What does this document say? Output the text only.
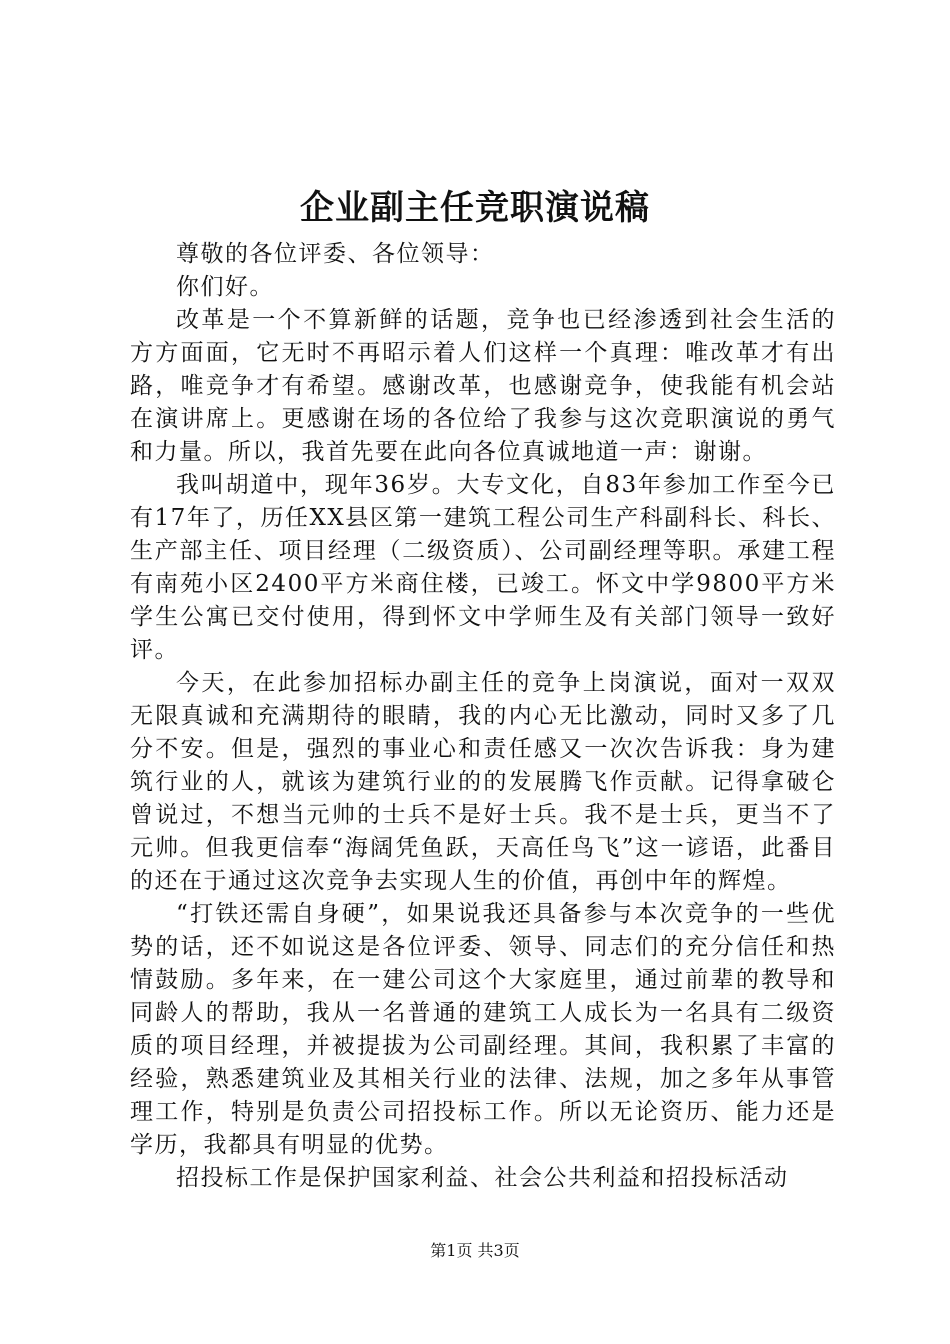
企业副主任竞职演说稿

尊敬的各位评委、各位领导：

你们好。

改革是一个不算新鲜的话题，竞争也已经渗透到社会生活的方方面面，它无时不再昭示着人们这样一个真理：唯改革才有出路，唯竞争才有希望。感谢改革，也感谢竞争，使我能有机会站在演讲席上。更感谢在场的各位给了我参与这次竞职演说的勇气和力量。所以，我首先要在此向各位真诚地道一声：谢谢。

我叫胡道中，现年36岁。大专文化，自83年参加工作至今已有17年了，历任XX县区第一建筑工程公司生产科副科长、科长、生产部主任、项目经理（二级资质）、公司副经理等职。承建工程有南苑小区2400平方米商住楼，已竣工。怀文中学9800平方米学生公寓已交付使用，得到怀文中学师生及有关部门领导一致好评。

今天，在此参加招标办副主任的竞争上岗演说，面对一双双无限真诚和充满期待的眼睛，我的内心无比激动，同时又多了几分不安。但是，强烈的事业心和责任感又一次次告诉我：身为建筑行业的人，就该为建筑行业的的发展腾飞作贡献。记得拿破仑曾说过，不想当元帅的士兵不是好士兵。我不是士兵，更当不了元帅。但我更信奉“海阔凭鱼跃，天高任鸟飞”这一谚语，此番目的还在于通过这次竞争去实现人生的价值，再创中年的辉煌。

“打铁还需自身硬”，如果说我还具备参与本次竞争的一些优势的话，还不如说这是各位评委、领导、同志们的充分信任和热情鼓励。多年来，在一建公司这个大家庭里，通过前辈的教导和同龄人的帮助，我从一名普通的建筑工人成长为一名具有二级资质的项目经理，并被提拔为公司副经理。其间，我积累了丰富的经验，熟悉建筑业及其相关行业的法律、法规，加之多年从事管理工作，特别是负责公司招投标工作。所以无论资历、能力还是学历，我都具有明显的优势。

招投标工作是保护国家利益、社会公共利益和招投标活动

第1页 共3页
